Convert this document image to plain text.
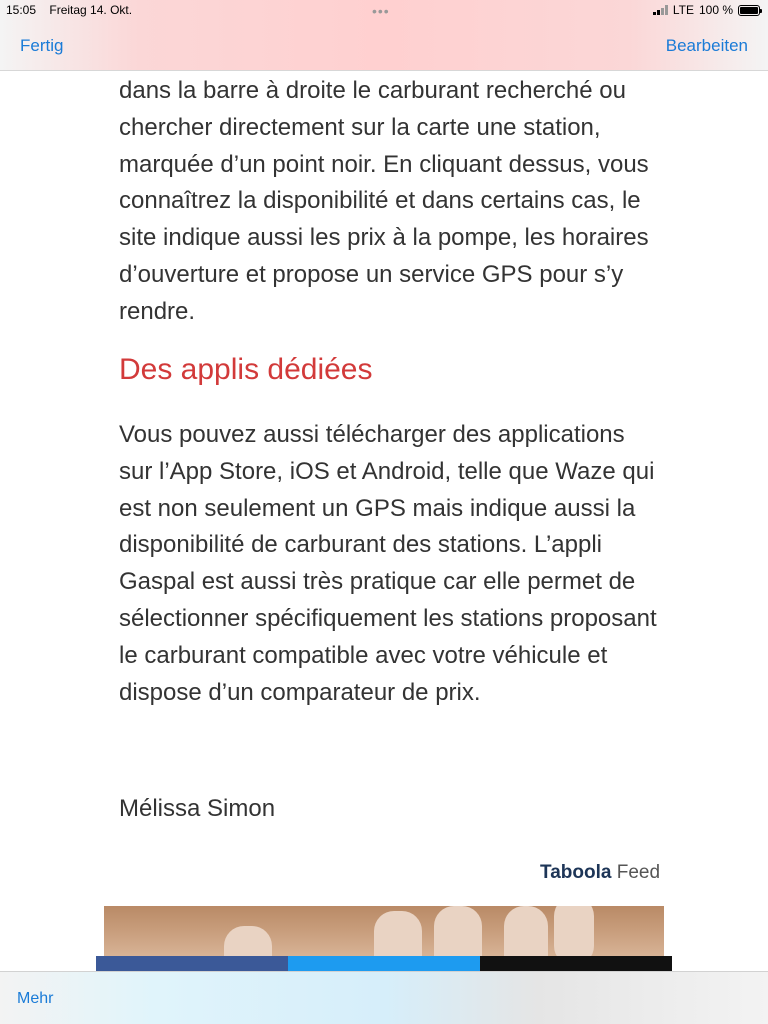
15:05 Freitag 14. Okt.	•••	LTE 100 %
Fertig	Bearbeiten

dans la barre à droite le carburant recherché ou chercher directement sur la carte une station, marquée d’un point noir. En cliquant dessus, vous connaîtrez la disponibilité et dans certains cas, le site indique aussi les prix à la pompe, les horaires d’ouverture et propose un service GPS pour s’y rendre.

Des applis dédiées

Vous pouvez aussi télécharger des applications sur l’App Store, iOS et Android, telle que Waze qui est non seulement un GPS mais indique aussi la disponibilité de carburant des stations. L’appli Gaspal est aussi très pratique car elle permet de sélectionner spécifiquement les stations proposant le carburant compatible avec votre véhicule et dispose d’un comparateur de prix.

Mélissa Simon

Taboola Feed
Mehr
